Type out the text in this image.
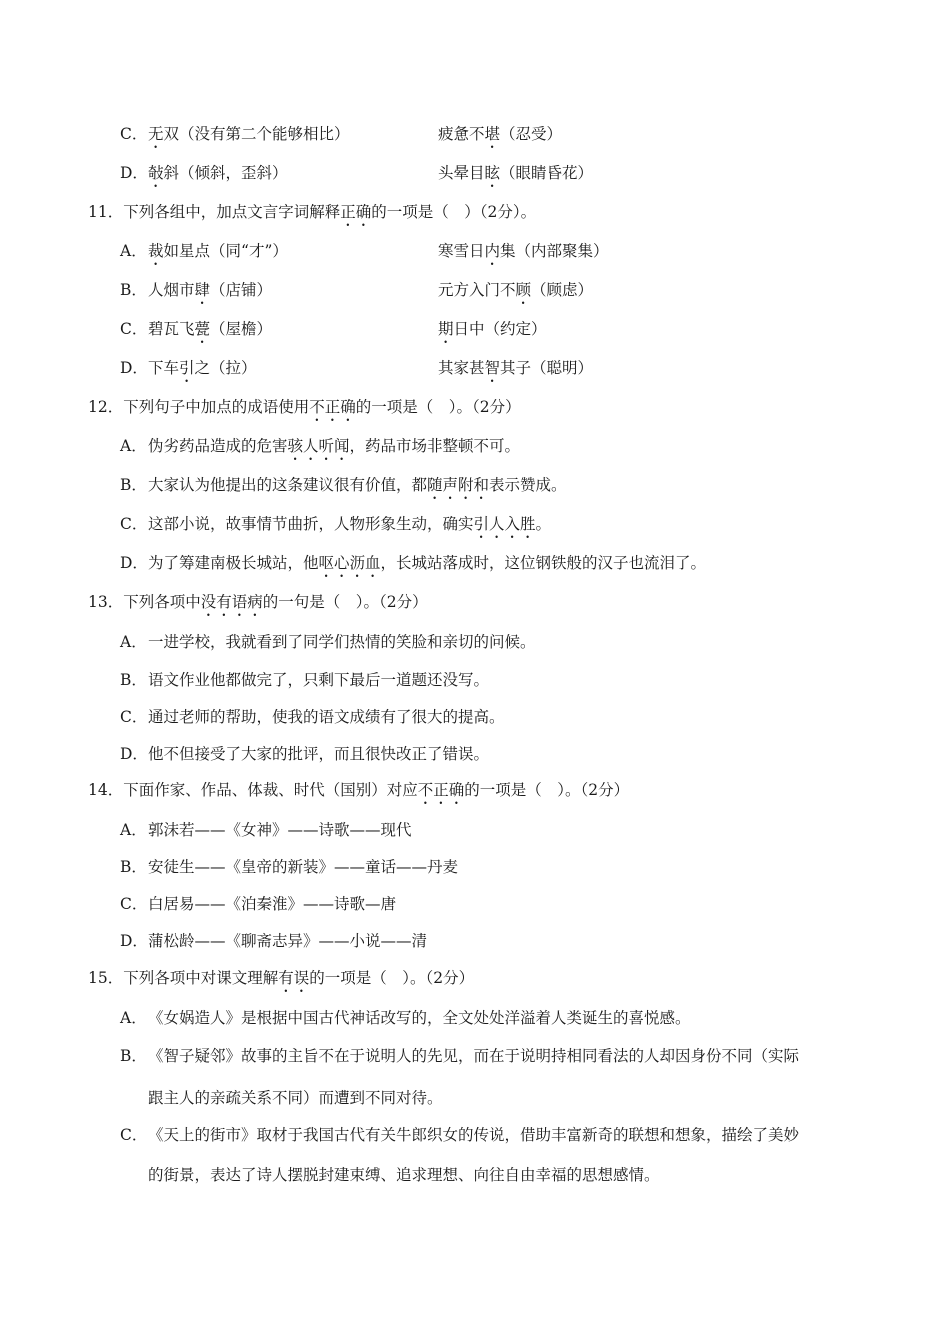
C．无双（没有第二个能够相比）	疲惫不堪（忍受）
D．敧斜（倾斜，歪斜）	头晕目眩（眼睛昏花）
11．下列各组中，加点文言字词解释正确的一项是（　）（2分）。
A．裁如星点（同“才”）	寒雪日内集（内部聚集）
B．人烟市肆（店铺）	元方入门不顾（顾虑）
C．碧瓦飞甍（屋檐）	期日中（约定）
D．下车引之（拉）	其家甚智其子（聪明）
12．下列句子中加点的成语使用不正确的一项是（　）。（2分）
A．伪劣药品造成的危害骇人听闻，药品市场非整顿不可。
B．大家认为他提出的这条建议很有价值，都随声附和表示赞成。
C．这部小说，故事情节曲折，人物形象生动，确实引人入胜。
D．为了筹建南极长城站，他呕心沥血，长城站落成时，这位钢铁般的汉子也流泪了。
13．下列各项中没有语病的一句是（　）。（2分）
A．一进学校，我就看到了同学们热情的笑脸和亲切的问候。
B．语文作业他都做完了，只剩下最后一道题还没写。
C．通过老师的帮助，使我的语文成绩有了很大的提高。
D．他不但接受了大家的批评，而且很快改正了错误。
14．下面作家、作品、体裁、时代（国别）对应不正确的一项是（　）。（2分）
A．郭沫若——《女神》——诗歌——现代
B．安徒生——《皇帝的新装》——童话——丹麦
C．白居易——《泊秦淮》——诗歌—唐
D．蒲松龄——《聊斋志异》——小说——清
15．下列各项中对课文理解有误的一项是（　）。（2分）
A．《女娲造人》是根据中国古代神话改写的，全文处处洋溢着人类诞生的喜悦感。
B．《智子疑邻》故事的主旨不在于说明人的先见，而在于说明持相同看法的人却因身份不同（实际
跟主人的亲疏关系不同）而遭到不同对待。
C．《天上的街市》取材于我国古代有关牛郎织女的传说，借助丰富新奇的联想和想象，描绘了美妙
的街景，表达了诗人摆脱封建束缚、追求理想、向往自由幸福的思想感情。
